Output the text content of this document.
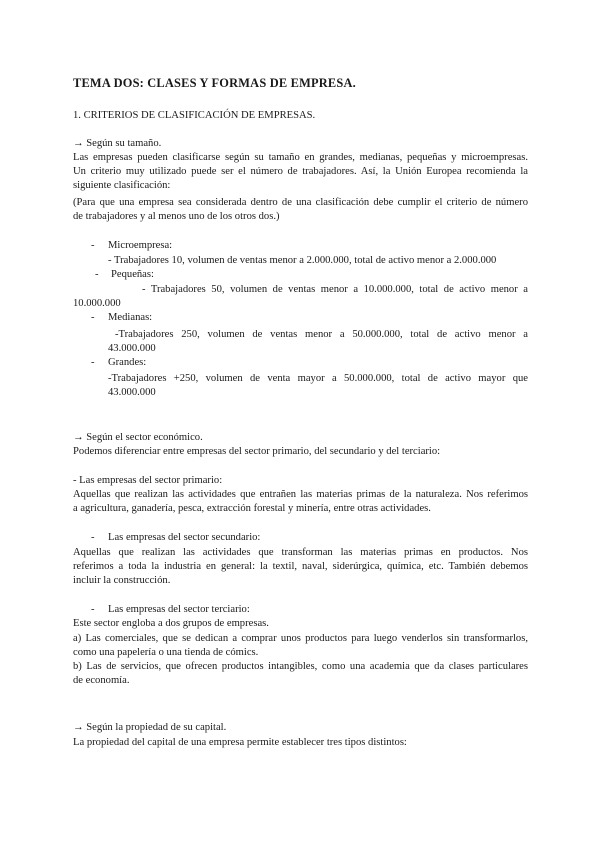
TEMA DOS: CLASES Y FORMAS DE EMPRESA.
1. CRITERIOS DE CLASIFICACIÓN DE EMPRESAS.
→ Según su tamaño.
Las empresas pueden clasificarse según su tamaño en grandes, medianas, pequeñas y microempresas.
Un criterio muy utilizado puede ser el número de trabajadores. Así, la Unión Europea recomienda la
siguiente clasificación:
(Para que una empresa sea considerada dentro de una clasificación debe cumplir el criterio de número
de trabajadores y al menos uno de los otros dos.)
- Microempresa:
- Trabajadores 10, volumen de ventas menor a 2.000.000, total de activo menor a 2.000.000
- Pequeñas:
- Trabajadores 50, volumen de ventas menor a 10.000.000, total de activo menor a
10.000.000
- Medianas:
-Trabajadores 250, volumen de ventas menor a 50.000.000, total de activo menor a
43.000.000
- Grandes:
-Trabajadores +250, volumen de venta mayor a 50.000.000, total de activo mayor que
43.000.000
→ Según el sector económico.
Podemos diferenciar entre empresas del sector primario, del secundario y del terciario:
- Las empresas del sector primario:
Aquellas que realizan las actividades que entrañen las materias primas de la naturaleza. Nos referimos
a agricultura, ganadería, pesca, extracción forestal y minería, entre otras actividades.
- Las empresas del sector secundario:
Aquellas que realizan las actividades que transforman las materias primas en productos. Nos
referimos a toda la industria en general: la textil, naval, siderúrgica, química, etc. También debemos
incluir la construcción.
- Las empresas del sector terciario:
Este sector engloba a dos grupos de empresas.
a) Las comerciales, que se dedican a comprar unos productos para luego venderlos sin transformarlos,
como una papelería o una tienda de cómics.
b) Las de servicios, que ofrecen productos intangibles, como una academia que da clases particulares
de economía.
→ Según la propiedad de su capital.
La propiedad del capital de una empresa permite establecer tres tipos distintos:
